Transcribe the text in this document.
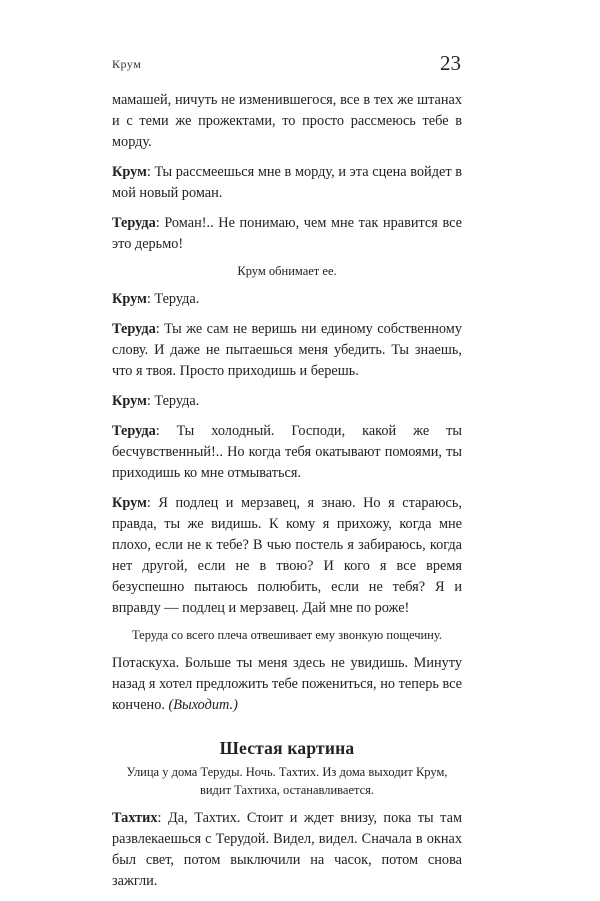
Крум	23

мамашей, ничуть не изменившегося, все в тех же штанах и с теми же прожектами, то просто рассмеюсь тебе в морду.

Крум: Ты рассмеешься мне в морду, и эта сцена войдет в мой новый роман.

Теруда: Роман!.. Не понимаю, чем мне так нравится все это дерьмо!

Крум обнимает ее.

Крум: Теруда.

Теруда: Ты же сам не веришь ни единому собственному слову. И даже не пытаешься меня убедить. Ты знаешь, что я твоя. Просто приходишь и берешь.

Крум: Теруда.

Теруда: Ты холодный. Господи, какой же ты бесчувственный!.. Но когда тебя окатывают помоями, ты приходишь ко мне отмываться.

Крум: Я подлец и мерзавец, я знаю. Но я стараюсь, правда, ты же видишь. К кому я прихожу, когда мне плохо, если не к тебе? В чью постель я забираюсь, когда нет другой, если не в твою? И кого я все время безуспешно пытаюсь полюбить, если не тебя? Я и вправду — подлец и мерзавец. Дай мне по роже!

Теруда со всего плеча отвешивает ему звонкую пощечину.

Потаскуха. Больше ты меня здесь не увидишь. Минуту назад я хотел предложить тебе пожениться, но теперь все кончено. (Выходит.)

Шестая картина
Улица у дома Теруды. Ночь. Тахтих. Из дома выходит Крум, видит Тахтиха, останавливается.

Тахтих: Да, Тахтих. Стоит и ждет внизу, пока ты там развлекаешься с Терудой. Видел, видел. Сначала в окнах был свет, потом выключили на часок, потом снова зажгли.
